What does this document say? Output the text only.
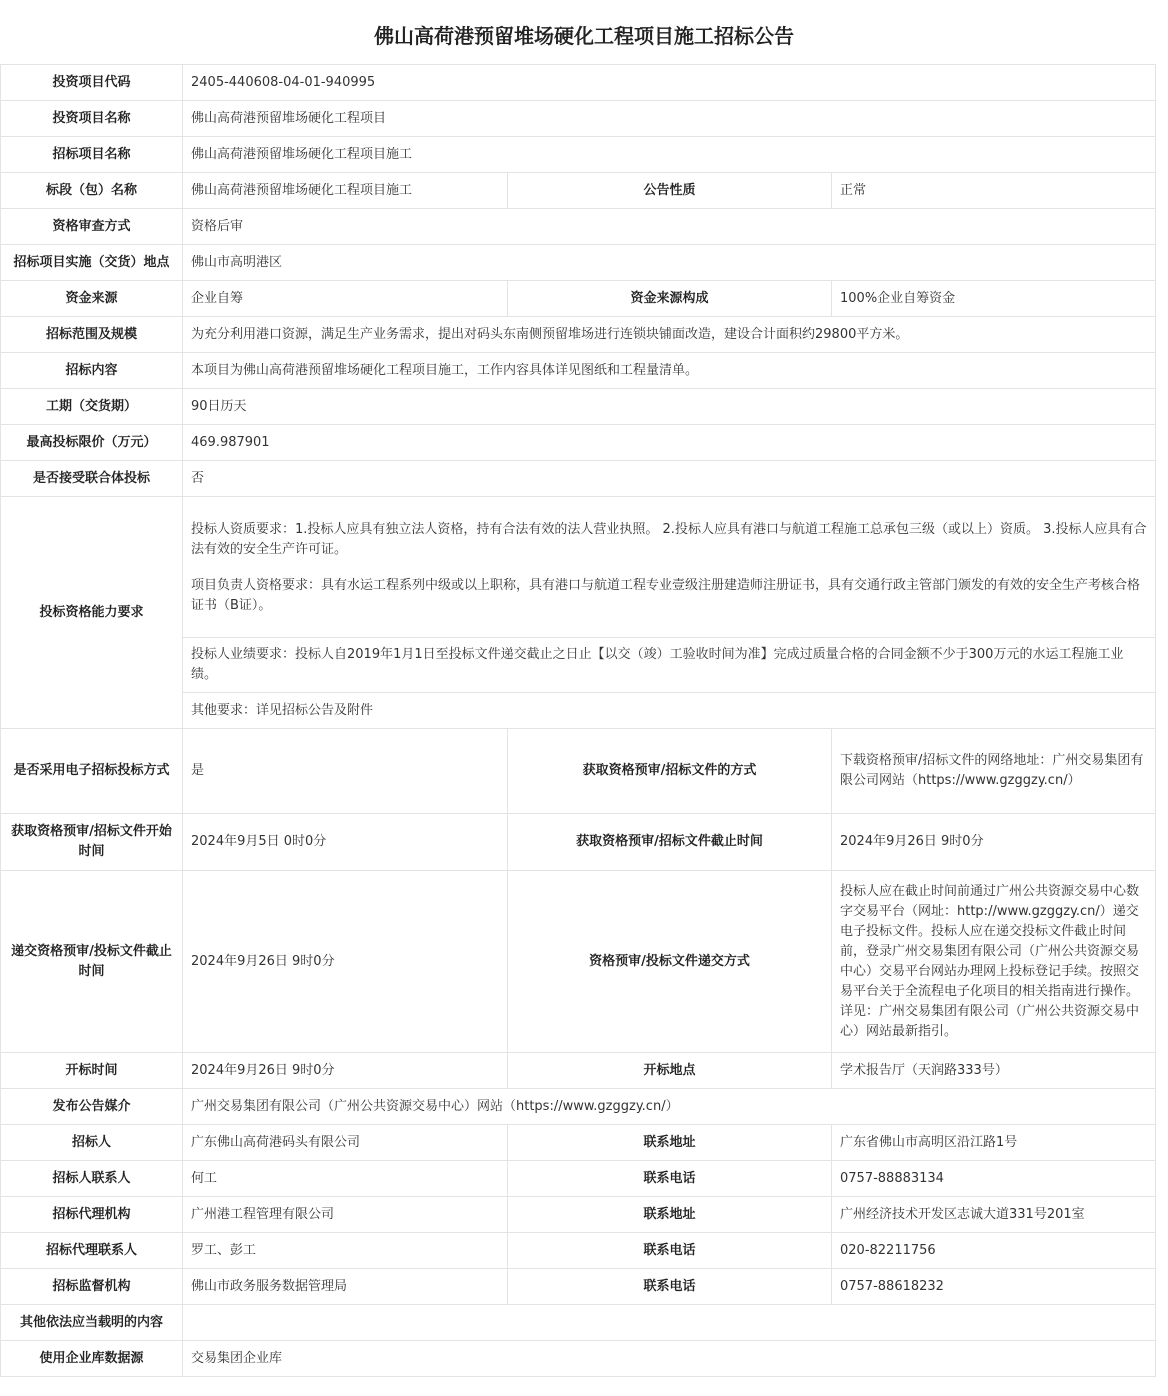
佛山高荷港预留堆场硬化工程项目施工招标公告
投资项目代码	2405-440608-04-01-940995		
投资项目名称	佛山高荷港预留堆场硬化工程项目		
招标项目名称	佛山高荷港预留堆场硬化工程项目施工		
标段（包）名称	佛山高荷港预留堆场硬化工程项目施工	公告性质	正常
资格审查方式	资格后审		
招标项目实施（交货）地点	佛山市高明港区		
资金来源	企业自筹	资金来源构成	100%企业自筹资金
招标范围及规模	为充分利用港口资源，满足生产业务需求，提出对码头东南侧预留堆场进行连锁块铺面改造，建设合计面积约29800平方米。		
招标内容	本项目为佛山高荷港预留堆场硬化工程项目施工，工作内容具体详见图纸和工程量清单。		
工期（交货期）	90日历天		
最高投标限价（万元）	469.987901		
是否接受联合体投标	否		
投标资格能力要求	投标人资质要求：1.投标人应具有独立法人资格，持有合法有效的法人营业执照。 2.投标人应具有港口与航道工程施工总承包三级（或以上）资质。 3.投标人应具有合法有效的安全生产许可证。

项目负责人资格要求：具有水运工程系列中级或以上职称，具有港口与航道工程专业壹级注册建造师注册证书，具有交通行政主管部门颁发的有效的安全生产考核合格证书（B证）。		

	投标人业绩要求：投标人自2019年1月1日至投标文件递交截止之日止【以交（竣）工验收时间为准】完成过质量合格的合同金额不少于300万元的水运工程施工业绩。		
	其他要求：详见招标公告及附件		
是否采用电子招标投标方式	是	获取资格预审/招标文件的方式	下载资格预审/招标文件的网络地址：广州交易集团有限公司网站（https://www.gzggzy.cn/）
获取资格预审/招标文件开始时间	2024年9月5日 0时0分	获取资格预审/招标文件截止时间	2024年9月26日 9时0分
递交资格预审/投标文件截止时间	2024年9月26日 9时0分	资格预审/投标文件递交方式	投标人应在截止时间前通过广州公共资源交易中心数字交易平台（网址：http://www.gzggzy.cn/）递交电子投标文件。投标人应在递交投标文件截止时间前，登录广州交易集团有限公司（广州公共资源交易中心）交易平台网站办理网上投标登记手续。按照交易平台关于全流程电子化项目的相关指南进行操作。详见：广州交易集团有限公司（广州公共资源交易中心）网站最新指引。
开标时间	2024年9月26日 9时0分	开标地点	学术报告厅（天润路333号）
发布公告媒介	广州交易集团有限公司（广州公共资源交易中心）网站（https://www.gzggzy.cn/）		
招标人	广东佛山高荷港码头有限公司	联系地址	广东省佛山市高明区沿江路1号
招标人联系人	何工	联系电话	0757-88883134
招标代理机构	广州港工程管理有限公司	联系地址	广州经济技术开发区志诚大道331号201室
招标代理联系人	罗工、彭工	联系电话	020-82211756
招标监督机构	佛山市政务服务数据管理局	联系电话	0757-88618232
其他依法应当载明的内容			
使用企业库数据源	交易集团企业库		
